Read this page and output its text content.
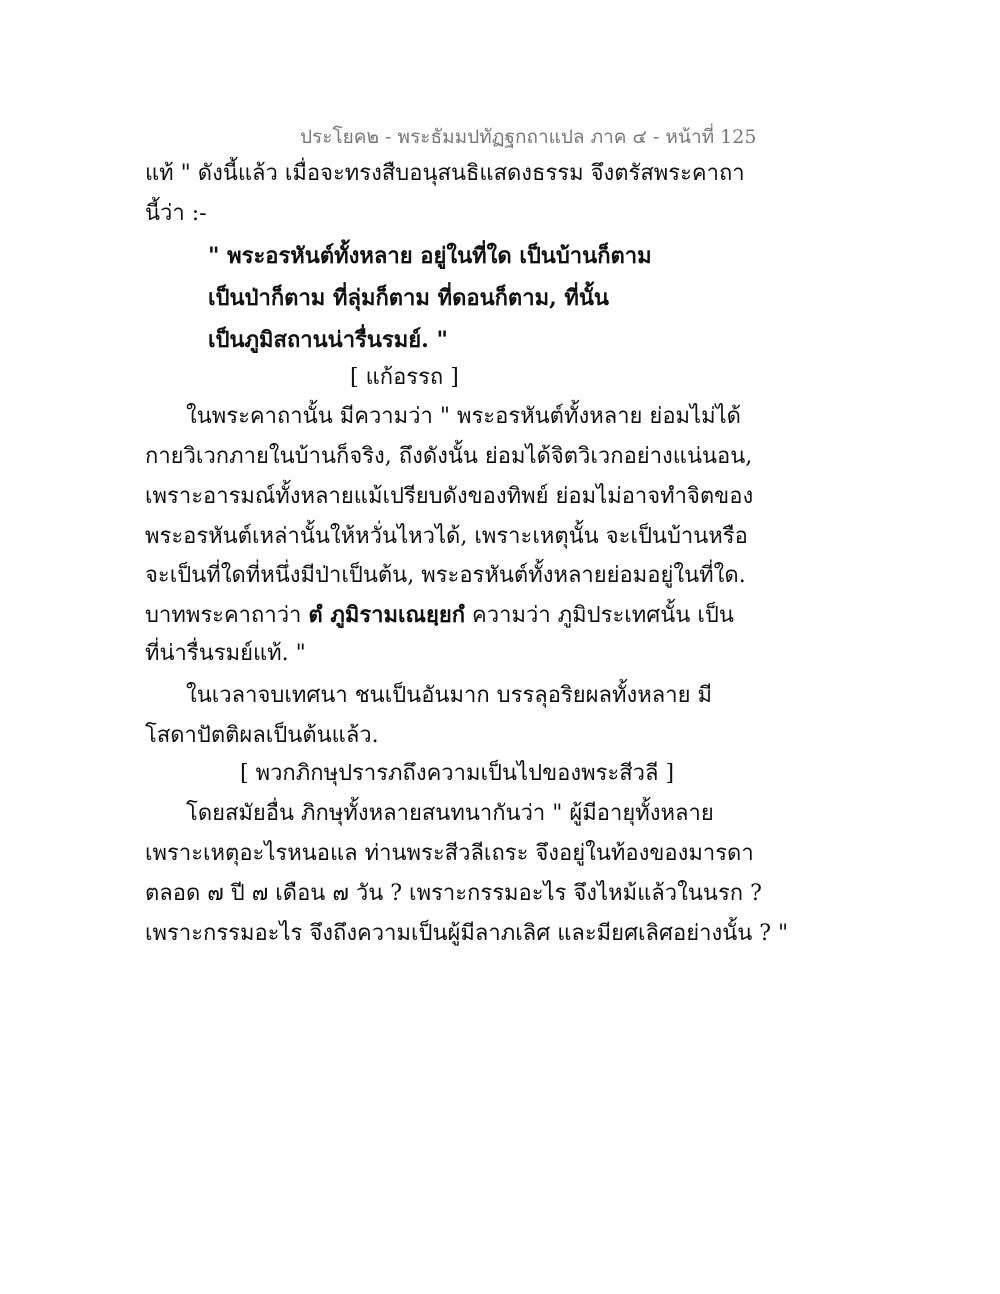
ประโยค๒ - พระธัมมปทัฏฐกถาแปล ภาค ๔ - หน้าที่ 125
แท้ " ดังนี้แล้ว เมื่อจะทรงสืบอนุสนธิแสดงธรรม จึงตรัสพระคาถา
นี้ว่า :-
" พระอรหันต์ทั้งหลาย อยู่ในที่ใด เป็นบ้านก็ตาม
เป็นป่าก็ตาม ที่ลุ่มก็ตาม ที่ดอนก็ตาม, ที่นั้น
เป็นภูมิสถานน่ารื่นรมย์. "
[ แก้อรรถ ]
ในพระคาถานั้น มีความว่า " พระอรหันต์ทั้งหลาย ย่อมไม่ได้
กายวิเวกภายในบ้านก็จริง, ถึงดังนั้น ย่อมได้จิตวิเวกอย่างแน่นอน,
เพราะอารมณ์ทั้งหลายแม้เปรียบดังของทิพย์ ย่อมไม่อาจทำจิตของ
พระอรหันต์เหล่านั้นให้หวั่นไหวได้, เพราะเหตุนั้น จะเป็นบ้านหรือ
จะเป็นที่ใดที่หนึ่งมีป่าเป็นต้น, พระอรหันต์ทั้งหลายย่อมอยู่ในที่ใด.
บาทพระคาถาว่า ตํ ภูมิรามเณยฺยกํ ความว่า ภูมิประเทศนั้น เป็น
ที่น่ารื่นรมย์แท้. "
ในเวลาจบเทศนา ชนเป็นอันมาก บรรลุอริยผลทั้งหลาย มี
โสดาปัตติผลเป็นต้นแล้ว.
[ พวกภิกษุปรารภถึงความเป็นไปของพระสีวลี ]
โดยสมัยอื่น ภิกษุทั้งหลายสนทนากันว่า " ผู้มีอายุทั้งหลาย
เพราะเหตุอะไรหนอแล ท่านพระสีวลีเถระ จึงอยู่ในท้องของมารดา
ตลอด ๗ ปี ๗ เดือน ๗ วัน ? เพราะกรรมอะไร จึงไหม้แล้วในนรก ?
เพราะกรรมอะไร จึงถึงความเป็นผู้มีลาภเลิศ และมียศเลิศอย่างนั้น ? "
